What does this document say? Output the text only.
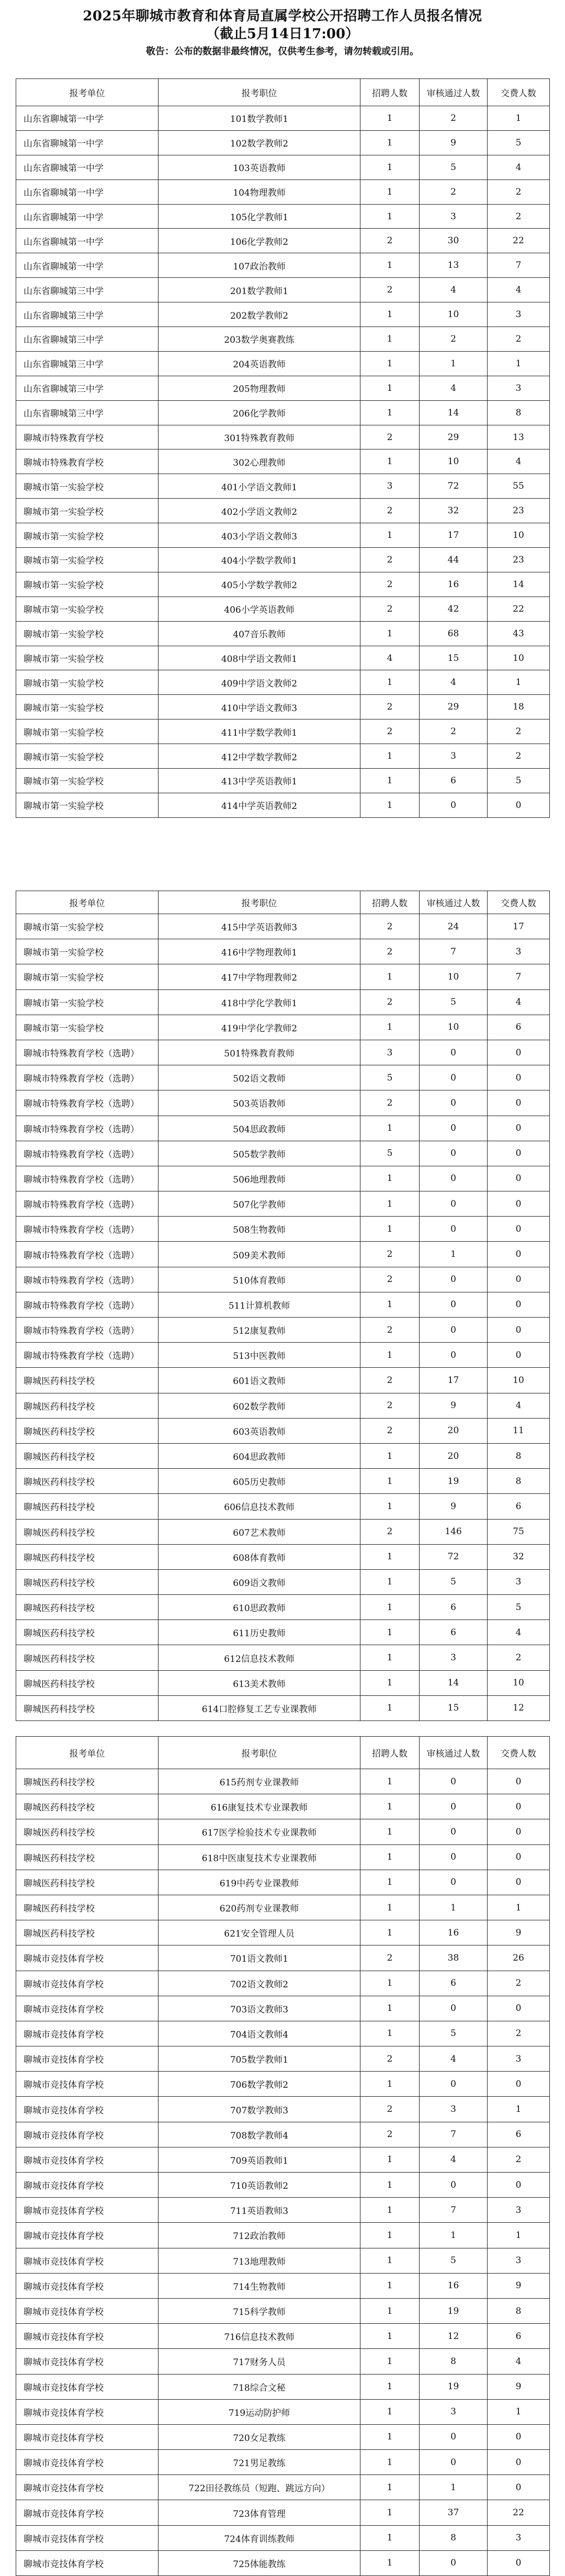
2025年聊城市教育和体育局直属学校公开招聘工作人员报名情况
（截止5月14日17:00）
敬告：公布的数据非最终情况，仅供考生参考，请勿转载或引用。
报考单位	报考职位	招聘人数	审核通过人数	交费人数
山东省聊城第一中学	101数学教师1	1	2	1
山东省聊城第一中学	102数学教师2	1	9	5
山东省聊城第一中学	103英语教师	1	5	4
山东省聊城第一中学	104物理教师	1	2	2
山东省聊城第一中学	105化学教师1	1	3	2
山东省聊城第一中学	106化学教师2	2	30	22
山东省聊城第一中学	107政治教师	1	13	7
山东省聊城第三中学	201数学教师1	2	4	4
山东省聊城第三中学	202数学教师2	1	10	3
山东省聊城第三中学	203数学奥赛教练	1	2	2
山东省聊城第三中学	204英语教师	1	1	1
山东省聊城第三中学	205物理教师	1	4	3
山东省聊城第三中学	206化学教师	1	14	8
聊城市特殊教育学校	301特殊教育教师	2	29	13
聊城市特殊教育学校	302心理教师	1	10	4
聊城市第一实验学校	401小学语文教师1	3	72	55
聊城市第一实验学校	402小学语文教师2	2	32	23
聊城市第一实验学校	403小学语文教师3	1	17	10
聊城市第一实验学校	404小学数学教师1	2	44	23
聊城市第一实验学校	405小学数学教师2	2	16	14
聊城市第一实验学校	406小学英语教师	2	42	22
聊城市第一实验学校	407音乐教师	1	68	43
聊城市第一实验学校	408中学语文教师1	4	15	10
聊城市第一实验学校	409中学语文教师2	1	4	1
聊城市第一实验学校	410中学语文教师3	2	29	18
聊城市第一实验学校	411中学数学教师1	2	2	2
聊城市第一实验学校	412中学数学教师2	1	3	2
聊城市第一实验学校	413中学英语教师1	1	6	5
聊城市第一实验学校	414中学英语教师2	1	0	0
报考单位	报考职位	招聘人数	审核通过人数	交费人数
聊城市第一实验学校	415中学英语教师3	2	24	17
聊城市第一实验学校	416中学物理教师1	2	7	3
聊城市第一实验学校	417中学物理教师2	1	10	7
聊城市第一实验学校	418中学化学教师1	2	5	4
聊城市第一实验学校	419中学化学教师2	1	10	6
聊城市特殊教育学校（选聘）	501特殊教育教师	3	0	0
聊城市特殊教育学校（选聘）	502语文教师	5	0	0
聊城市特殊教育学校（选聘）	503英语教师	2	0	0
聊城市特殊教育学校（选聘）	504思政教师	1	0	0
聊城市特殊教育学校（选聘）	505数学教师	5	0	0
聊城市特殊教育学校（选聘）	506地理教师	1	0	0
聊城市特殊教育学校（选聘）	507化学教师	1	0	0
聊城市特殊教育学校（选聘）	508生物教师	1	0	0
聊城市特殊教育学校（选聘）	509美术教师	2	1	0
聊城市特殊教育学校（选聘）	510体育教师	2	0	0
聊城市特殊教育学校（选聘）	511计算机教师	1	0	0
聊城市特殊教育学校（选聘）	512康复教师	2	0	0
聊城市特殊教育学校（选聘）	513中医教师	1	0	0
聊城医药科技学校	601语文教师	2	17	10
聊城医药科技学校	602数学教师	2	9	4
聊城医药科技学校	603英语教师	2	20	11
聊城医药科技学校	604思政教师	1	20	8
聊城医药科技学校	605历史教师	1	19	8
聊城医药科技学校	606信息技术教师	1	9	6
聊城医药科技学校	607艺术教师	2	146	75
聊城医药科技学校	608体育教师	1	72	32
聊城医药科技学校	609语文教师	1	5	3
聊城医药科技学校	610思政教师	1	6	5
聊城医药科技学校	611历史教师	1	6	4
聊城医药科技学校	612信息技术教师	1	3	2
聊城医药科技学校	613美术教师	1	14	10
聊城医药科技学校	614口腔修复工艺专业课教师	1	15	12
报考单位	报考职位	招聘人数	审核通过人数	交费人数
聊城医药科技学校	615药剂专业课教师	1	0	0
聊城医药科技学校	616康复技术专业课教师	1	0	0
聊城医药科技学校	617医学检验技术专业课教师	1	0	0
聊城医药科技学校	618中医康复技术专业课教师	1	0	0
聊城医药科技学校	619中药专业课教师	1	0	0
聊城医药科技学校	620药剂专业课教师	1	1	1
聊城医药科技学校	621安全管理人员	1	16	9
聊城市竞技体育学校	701语文教师1	2	38	26
聊城市竞技体育学校	702语文教师2	1	6	2
聊城市竞技体育学校	703语文教师3	1	0	0
聊城市竞技体育学校	704语文教师4	1	5	2
聊城市竞技体育学校	705数学教师1	2	4	3
聊城市竞技体育学校	706数学教师2	1	0	0
聊城市竞技体育学校	707数学教师3	2	3	1
聊城市竞技体育学校	708数学教师4	2	7	6
聊城市竞技体育学校	709英语教师1	1	4	2
聊城市竞技体育学校	710英语教师2	1	0	0
聊城市竞技体育学校	711英语教师3	1	7	3
聊城市竞技体育学校	712政治教师	1	1	1
聊城市竞技体育学校	713地理教师	1	5	3
聊城市竞技体育学校	714生物教师	1	16	9
聊城市竞技体育学校	715科学教师	1	19	8
聊城市竞技体育学校	716信息技术教师	1	12	6
聊城市竞技体育学校	717财务人员	1	8	4
聊城市竞技体育学校	718综合文秘	1	19	9
聊城市竞技体育学校	719运动防护师	1	3	1
聊城市竞技体育学校	720女足教练	1	0	0
聊城市竞技体育学校	721男足教练	1	0	0
聊城市竞技体育学校	722田径教练员（短跑、跳远方向）	1	1	0
聊城市竞技体育学校	723体育管理	1	37	22
聊城市竞技体育学校	724体育训练教师	1	8	3
聊城市竞技体育学校	725体能教练	1	0	0
